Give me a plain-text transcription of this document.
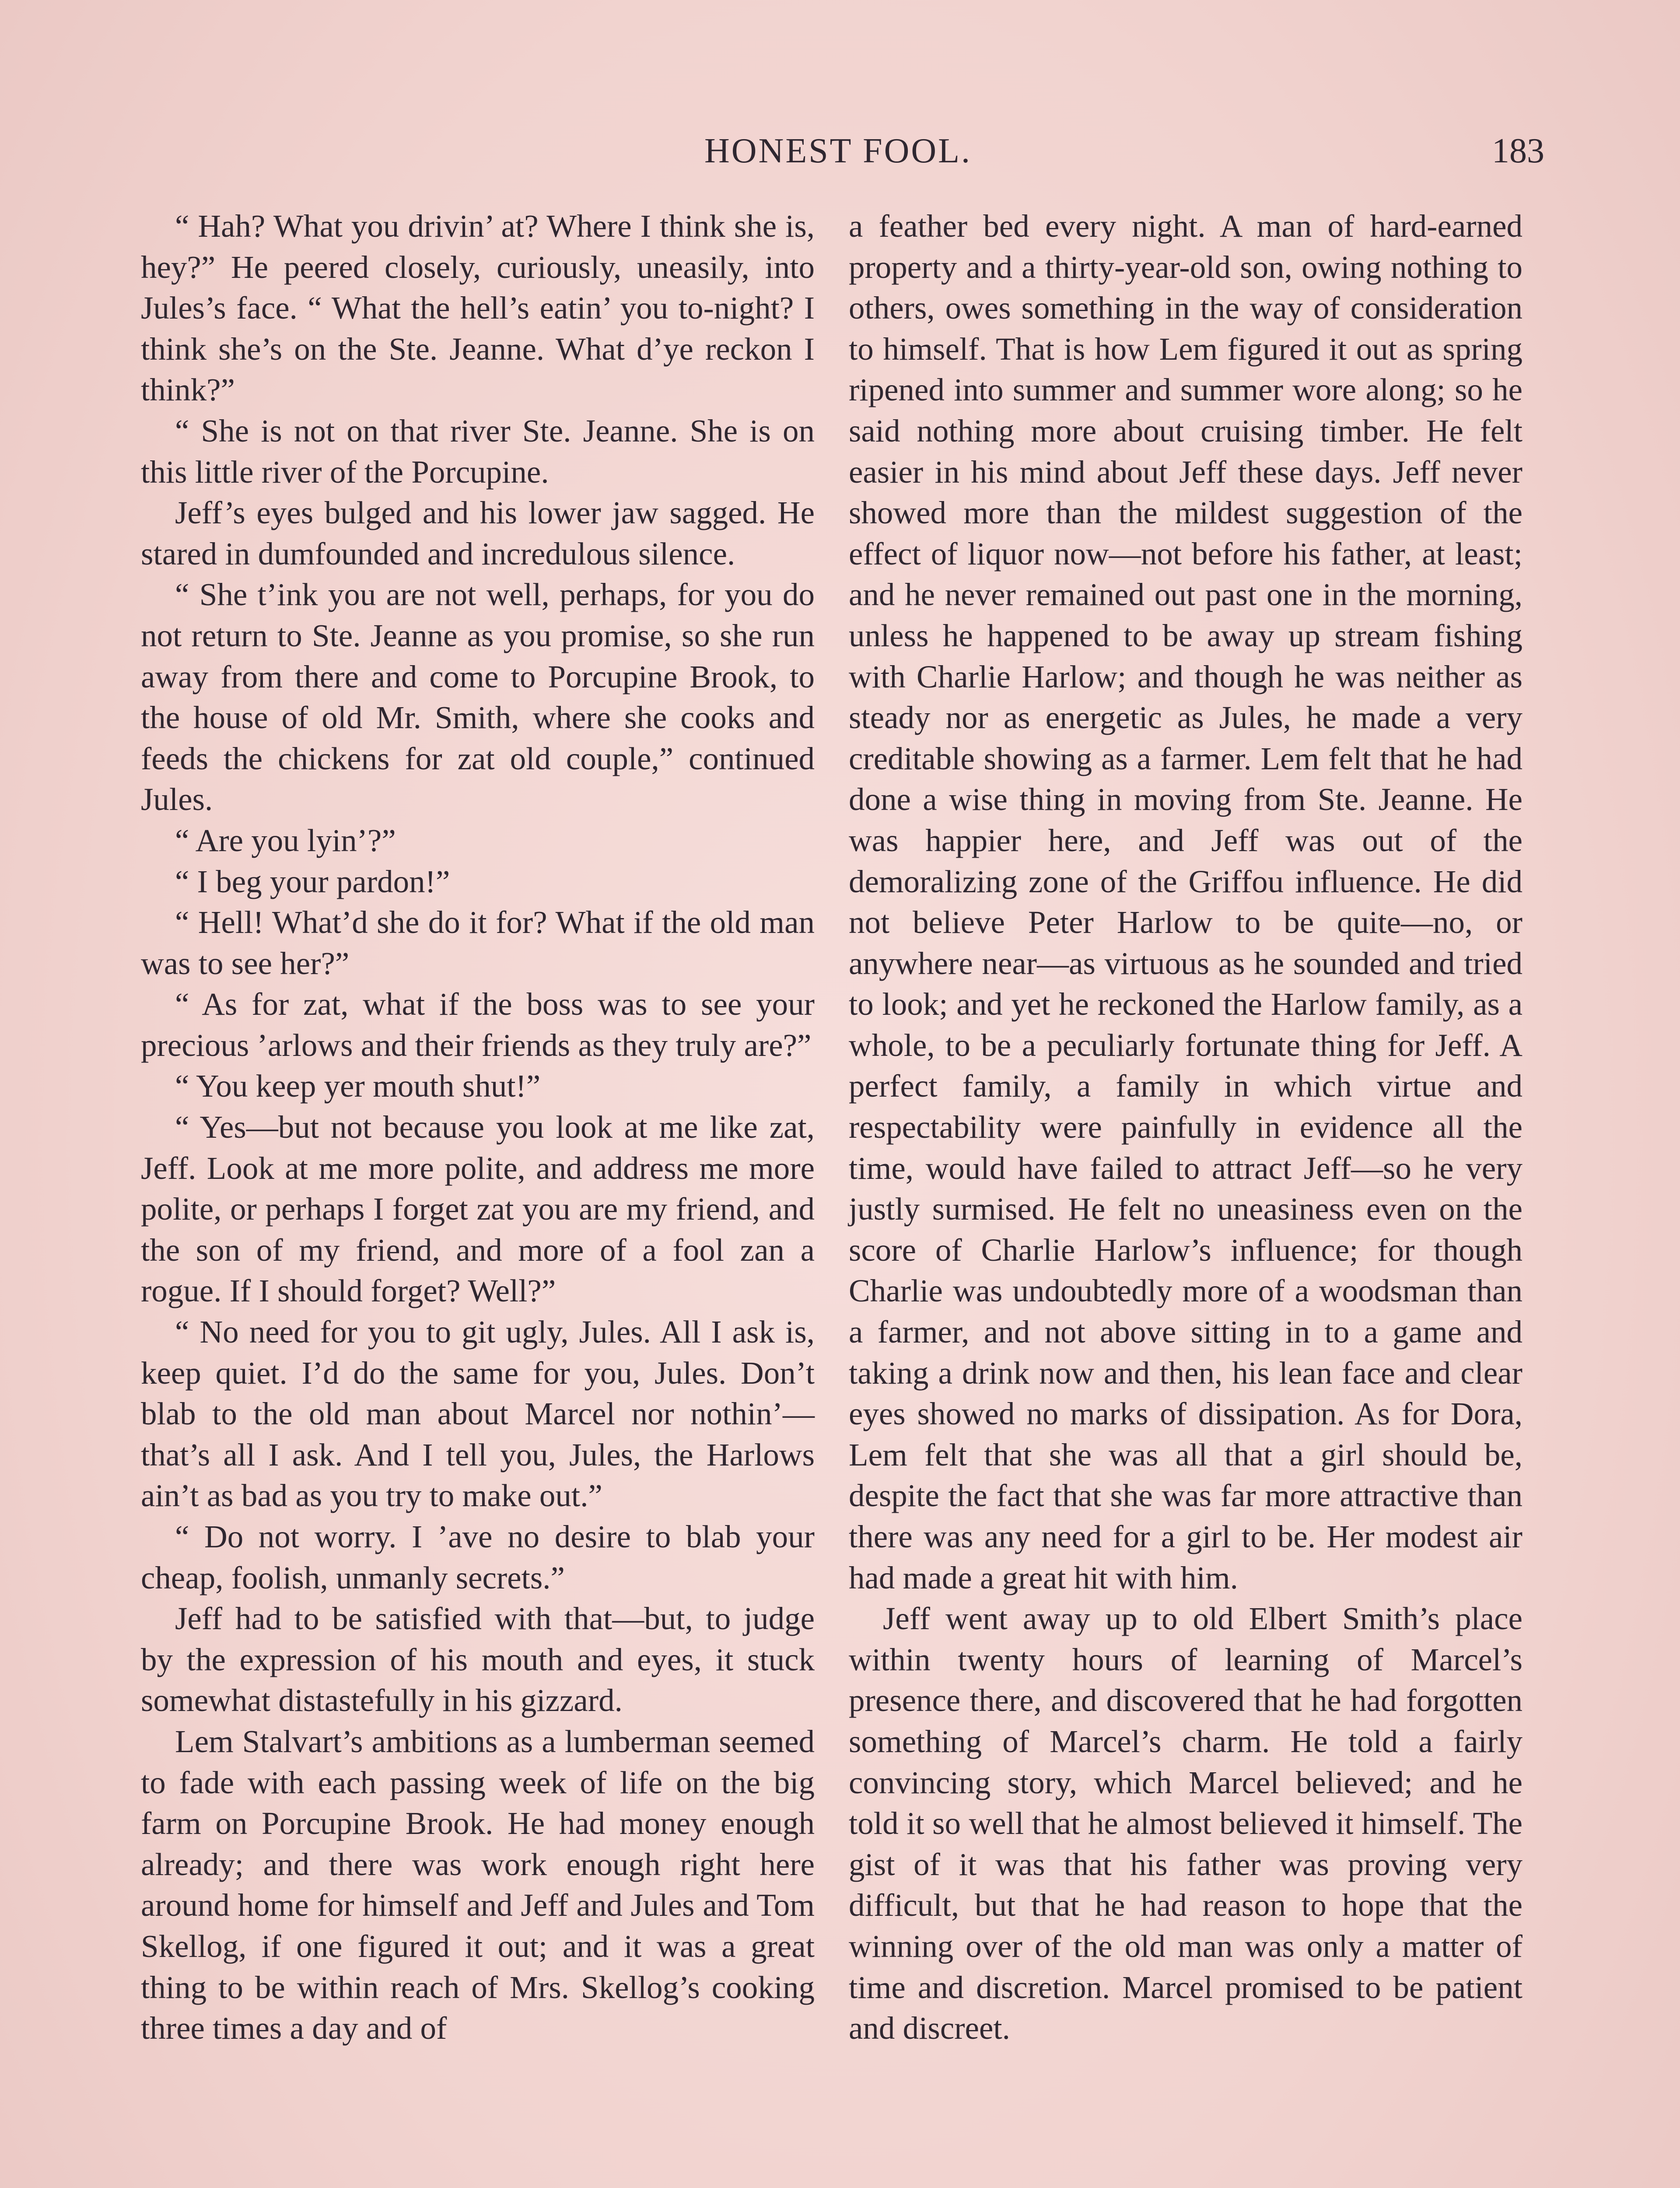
HONEST FOOL.	183

“ Hah? What you drivin’ at? Where I think she is, hey?” He peered closely, curiously, uneasily, into Jules’s face. “ What the hell’s eatin’ you to-night? I think she’s on the Ste. Jeanne. What d’ye reckon I think?”

“ She is not on that river Ste. Jeanne. She is on this little river of the Porcupine.

Jeff’s eyes bulged and his lower jaw sagged. He stared in dumfounded and incredulous silence.

“ She t’ink you are not well, perhaps, for you do not return to Ste. Jeanne as you promise, so she run away from there and come to Porcupine Brook, to the house of old Mr. Smith, where she cooks and feeds the chickens for zat old couple,” continued Jules.

“ Are you lyin’?”

“ I beg your pardon!”

“ Hell! What’d she do it for? What if the old man was to see her?”

“ As for zat, what if the boss was to see your precious ’arlows and their friends as they truly are?”

“ You keep yer mouth shut!”

“ Yes—but not because you look at me like zat, Jeff. Look at me more polite, and address me more polite, or perhaps I forget zat you are my friend, and the son of my friend, and more of a fool zan a rogue. If I should forget? Well?”

“ No need for you to git ugly, Jules. All I ask is, keep quiet. I’d do the same for you, Jules. Don’t blab to the old man about Marcel nor nothin’—that’s all I ask. And I tell you, Jules, the Harlows ain’t as bad as you try to make out.”

“ Do not worry. I ’ave no desire to blab your cheap, foolish, unmanly secrets.”

Jeff had to be satisfied with that—but, to judge by the expression of his mouth and eyes, it stuck somewhat distastefully in his gizzard.

Lem Stalvart’s ambitions as a lumberman seemed to fade with each passing week of life on the big farm on Porcupine Brook. He had money enough already; and there was work enough right here around home for himself and Jeff and Jules and Tom Skellog, if one figured it out; and it was a great thing to be within reach of Mrs. Skellog’s cooking three times a day and of

a feather bed every night. A man of hard-earned property and a thirty-year-old son, owing nothing to others, owes something in the way of consideration to himself. That is how Lem figured it out as spring ripened into summer and summer wore along; so he said nothing more about cruising timber. He felt easier in his mind about Jeff these days. Jeff never showed more than the mildest suggestion of the effect of liquor now—not before his father, at least; and he never remained out past one in the morning, unless he happened to be away up stream fishing with Charlie Harlow; and though he was neither as steady nor as energetic as Jules, he made a very creditable showing as a farmer. Lem felt that he had done a wise thing in moving from Ste. Jeanne. He was happier here, and Jeff was out of the demoralizing zone of the Griffou influence. He did not believe Peter Harlow to be quite—no, or anywhere near—as virtuous as he sounded and tried to look; and yet he reckoned the Harlow family, as a whole, to be a peculiarly fortunate thing for Jeff. A perfect family, a family in which virtue and respectability were painfully in evidence all the time, would have failed to attract Jeff—so he very justly surmised. He felt no uneasiness even on the score of Charlie Harlow’s influence; for though Charlie was undoubtedly more of a woodsman than a farmer, and not above sitting in to a game and taking a drink now and then, his lean face and clear eyes showed no marks of dissipation. As for Dora, Lem felt that she was all that a girl should be, despite the fact that she was far more attractive than there was any need for a girl to be. Her modest air had made a great hit with him.

Jeff went away up to old Elbert Smith’s place within twenty hours of learning of Marcel’s presence there, and discovered that he had forgotten something of Marcel’s charm. He told a fairly convincing story, which Marcel believed; and he told it so well that he almost believed it himself. The gist of it was that his father was proving very difficult, but that he had reason to hope that the winning over of the old man was only a matter of time and discretion. Marcel promised to be patient and discreet.
